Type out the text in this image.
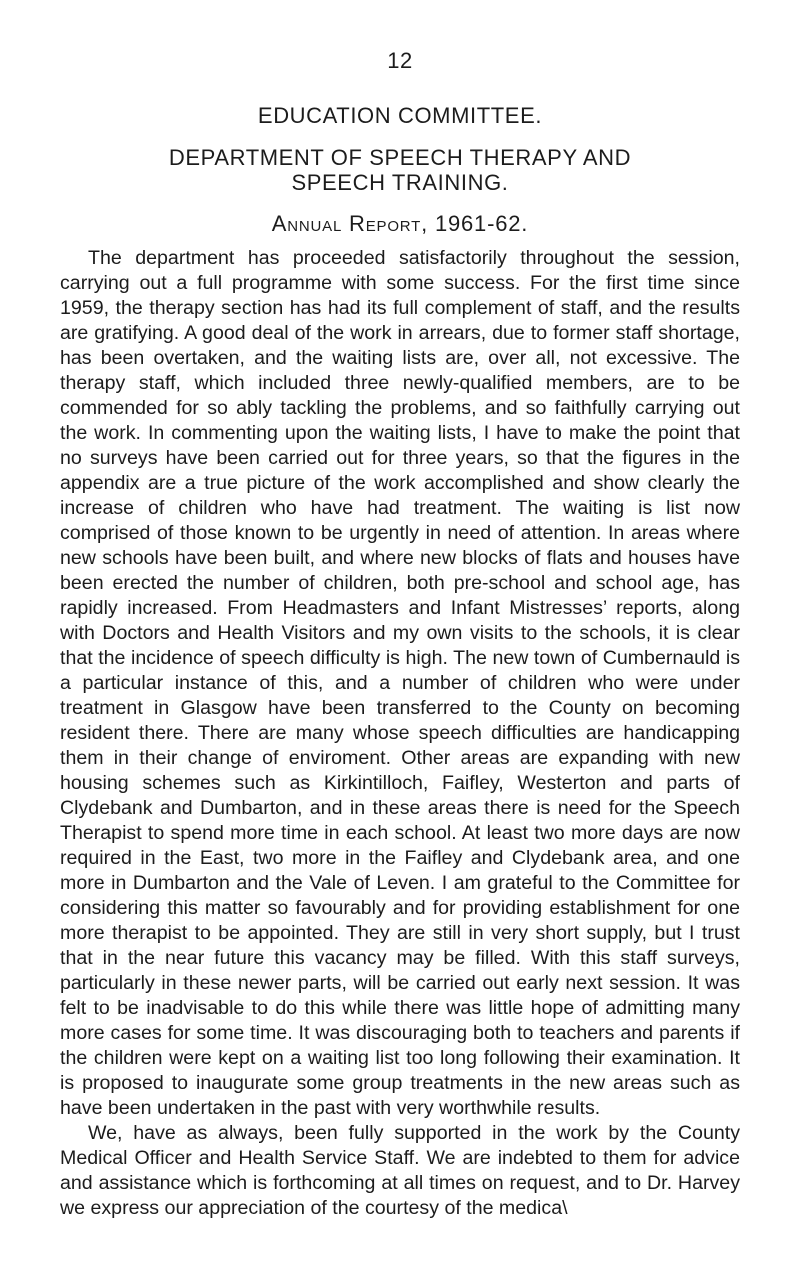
12
EDUCATION COMMITTEE.
DEPARTMENT OF SPEECH THERAPY AND SPEECH TRAINING.
Annual Report, 1961-62.

The department has proceeded satisfactorily throughout the session, carrying out a full programme with some success. For the first time since 1959, the therapy section has had its full complement of staff, and the results are gratifying. A good deal of the work in arrears, due to former staff shortage, has been overtaken, and the waiting lists are, over all, not excessive. The therapy staff, which included three newly-qualified members, are to be commended for so ably tackling the problems, and so faithfully carrying out the work. In commenting upon the waiting lists, I have to make the point that no surveys have been carried out for three years, so that the figures in the appendix are a true picture of the work accomplished and show clearly the increase of children who have had treatment. The waiting is list now comprised of those known to be urgently in need of attention. In areas where new schools have been built, and where new blocks of flats and houses have been erected the number of children, both pre-school and school age, has rapidly increased. From Headmasters and Infant Mistresses’ reports, along with Doctors and Health Visitors and my own visits to the schools, it is clear that the incidence of speech difficulty is high. The new town of Cumbernauld is a particular instance of this, and a number of children who were under treatment in Glasgow have been transferred to the County on becoming resident there. There are many whose speech difficulties are handicapping them in their change of enviroment. Other areas are expanding with new housing schemes such as Kirkintilloch, Faifley, Westerton and parts of Clydebank and Dumbarton, and in these areas there is need for the Speech Therapist to spend more time in each school. At least two more days are now required in the East, two more in the Faifley and Clydebank area, and one more in Dumbarton and the Vale of Leven. I am grateful to the Committee for considering this matter so favourably and for providing establishment for one more therapist to be appointed. They are still in very short supply, but I trust that in the near future this vacancy may be filled. With this staff surveys, particularly in these newer parts, will be carried out early next session. It was felt to be inadvisable to do this while there was little hope of admitting many more cases for some time. It was discouraging both to teachers and parents if the children were kept on a waiting list too long following their examination. It is proposed to inaugurate some group treatments in the new areas such as have been undertaken in the past with very worthwhile results.

We, have as always, been fully supported in the work by the County Medical Officer and Health Service Staff. We are indebted to them for advice and assistance which is forthcoming at all times on request, and to Dr. Harvey we express our appreciation of the courtesy of the medica\
